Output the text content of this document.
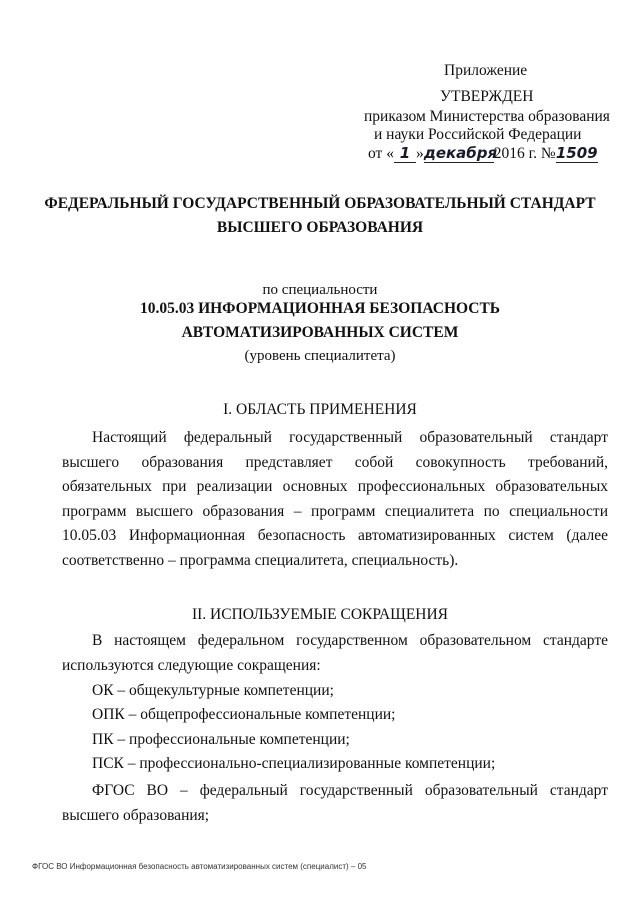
Приложение
УТВЕРЖДЕН
приказом Министерства образования
и науки Российской Федерации
от « 1 »декабря2016 г. №1509
ФЕДЕРАЛЬНЫЙ ГОСУДАРСТВЕННЫЙ ОБРАЗОВАТЕЛЬНЫЙ СТАНДАРТ
ВЫСШЕГО ОБРАЗОВАНИЯ
по специальности
10.05.03 ИНФОРМАЦИОННАЯ БЕЗОПАСНОСТЬ
АВТОМАТИЗИРОВАННЫХ СИСТЕМ
(уровень специалитета)
I. ОБЛАСТЬ ПРИМЕНЕНИЯ
Настоящий федеральный государственный образовательный стандарт высшего образования представляет собой совокупность требований, обязательных при реализации основных профессиональных образовательных программ высшего образования – программ специалитета по специальности 10.05.03 Информационная безопасность автоматизированных систем (далее соответственно – программа специалитета, специальность).
II. ИСПОЛЬЗУЕМЫЕ СОКРАЩЕНИЯ
В настоящем федеральном государственном образовательном стандарте используются следующие сокращения:
ОК – общекультурные компетенции;
ОПК – общепрофессиональные компетенции;
ПК – профессиональные компетенции;
ПСК – профессионально-специализированные компетенции;
ФГОС ВО – федеральный государственный образовательный стандарт высшего образования;
ФГОС ВО Информационная безопасность автоматизированных систем (специалист) – 05
